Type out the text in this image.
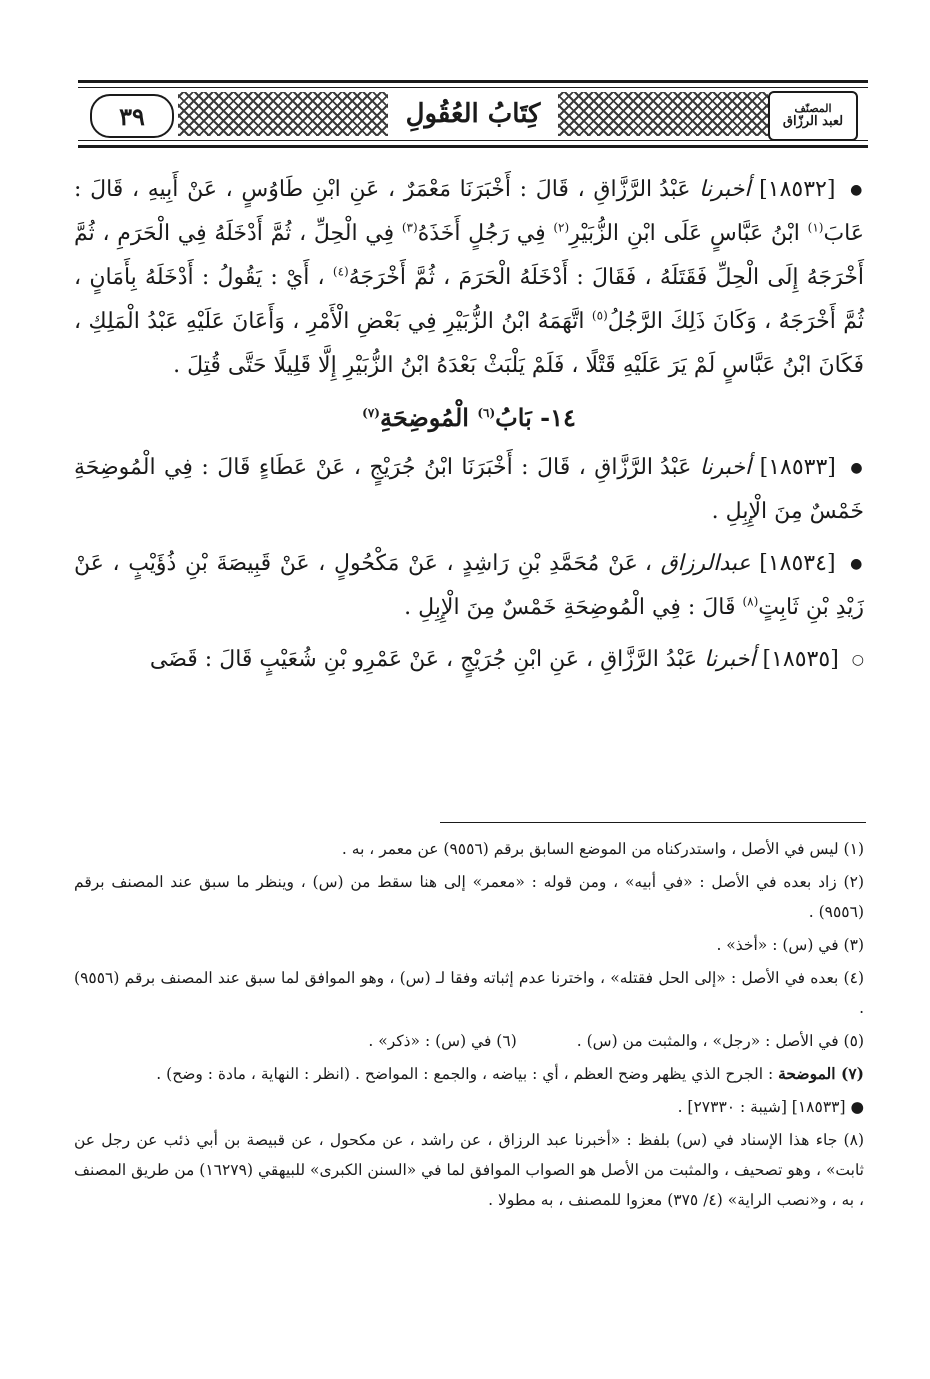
٣٩	كِتَابُ العُقُولِ	المصنّف
لعبد الرزّاق

● [١٨٥٣٢] أخبرنا عَبْدُ الرَّزَّاقِ ، قَالَ : أَخْبَرَنَا مَعْمَرٌ ، عَنِ ابْنِ طَاوُسٍ ، عَنْ أَبِيهِ ، قَالَ : عَابَ$^{(١)}$ ابْنُ عَبَّاسٍ عَلَى ابْنِ الزُّبَيْرِ$^{(٢)}$ فِي رَجُلٍ أَخَذَهُ$^{(٣)}$ فِي الْحِلِّ ، ثُمَّ أَدْخَلَهُ فِي الْحَرَمِ ، ثُمَّ أَخْرَجَهُ إِلَى الْحِلِّ فَقَتَلَهُ ، فَقَالَ : أَدْخَلَهُ الْحَرَمَ ، ثُمَّ أَخْرَجَهُ$^{(٤)}$ ، أَيْ : يَقُولُ : أَدْخَلَهُ بِأَمَانٍ ، ثُمَّ أَخْرَجَهُ ، وَكَانَ ذَلِكَ الرَّجُلُ$^{(٥)}$ اتَّهَمَهُ ابْنُ الزُّبَيْرِ فِي بَعْضِ الْأَمْرِ ، وَأَعَانَ عَلَيْهِ عَبْدُ الْمَلِكِ ، فَكَانَ ابْنُ عَبَّاسٍ لَمْ يَرَ عَلَيْهِ قَتْلًا ، فَلَمْ يَلْبَثْ بَعْدَهُ ابْنُ الزُّبَيْرِ إِلَّا قَلِيلًا حَتَّى قُتِلَ .

١٤- بَابُ$^{(٦)}$ الْمُوضِحَةِ$^{(٧)}$

● [١٨٥٣٣] أخبرنا عَبْدُ الرَّزَّاقِ ، قَالَ : أَخْبَرَنَا ابْنُ جُرَيْجٍ ، عَنْ عَطَاءٍ قَالَ : فِي الْمُوضِحَةِ خَمْسٌ مِنَ الْإِبِلِ .

● [١٨٥٣٤] عبدالرزاق ، عَنْ مُحَمَّدِ بْنِ رَاشِدٍ ، عَنْ مَكْحُولٍ ، عَنْ قَبِيصَةَ بْنِ ذُؤَيْبٍ ، عَنْ زَيْدِ بْنِ ثَابِتٍ$^{(٨)}$ قَالَ : فِي الْمُوضِحَةِ خَمْسٌ مِنَ الْإِبِلِ .

○ [١٨٥٣٥] أخبرنا عَبْدُ الرَّزَّاقِ ، عَنِ ابْنِ جُرَيْجٍ ، عَنْ عَمْرِو بْنِ شُعَيْبٍ قَالَ : قَضَى

(١) ليس في الأصل ، واستدركناه من الموضع السابق برقم (٩٥٥٦) عن معمر ، به .

(٢) زاد بعده في الأصل : «في أبيه» ، ومن قوله : «معمر» إلى هنا سقط من (س) ، وينظر ما سبق عند المصنف برقم (٩٥٥٦) .

(٣) في (س) : «أخذ» .

(٤) بعده في الأصل : «إلى الحل فقتله» ، واخترنا عدم إثباته وفقا لـ (س) ، وهو الموافق لما سبق عند المصنف برقم (٩٥٥٦) .

(٥) في الأصل : «رجل» ، والمثبت من (س) .
(٦) في (س) : «ذكر» .

(٧) الموضحة : الجرح الذي يظهر وضح العظم ، أي : بياضه ، والجمع : المواضح . (انظر : النهاية ، مادة : وضح) .

● [١٨٥٣٣] [شيبة : ٢٧٣٣٠] .

(٨) جاء هذا الإسناد في (س) بلفظ : «أخبرنا عبد الرزاق ، عن راشد ، عن مكحول ، عن قبيصة بن أبي ذئب عن رجل عن ثابت» ، وهو تصحيف ، والمثبت من الأصل هو الصواب الموافق لما في «السنن الكبرى» للبيهقي (١٦٢٧٩) من طريق المصنف ، به ، و«نصب الراية» (٤/ ٣٧٥) معزوا للمصنف ، به مطولا .
